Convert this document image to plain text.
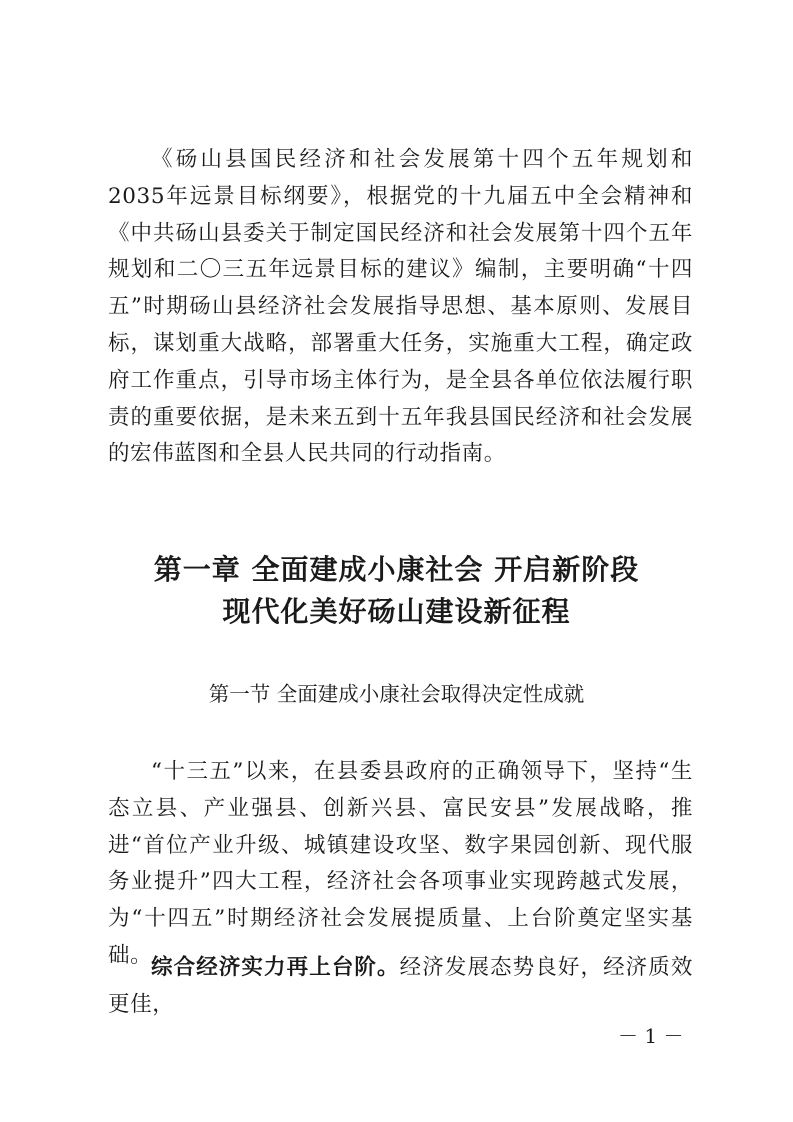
《砀山县国民经济和社会发展第十四个五年规划和2035年远景目标纲要》，根据党的十九届五中全会精神和《中共砀山县委关于制定国民经济和社会发展第十四个五年规划和二〇三五年远景目标的建议》编制，主要明确“十四五”时期砀山县经济社会发展指导思想、基本原则、发展目标，谋划重大战略，部署重大任务，实施重大工程，确定政府工作重点，引导市场主体行为，是全县各单位依法履行职责的重要依据，是未来五到十五年我县国民经济和社会发展的宏伟蓝图和全县人民共同的行动指南。

第一章 全面建成小康社会 开启新阶段
现代化美好砀山建设新征程
第一节 全面建成小康社会取得决定性成就

“十三五”以来，在县委县政府的正确领导下，坚持“生态立县、产业强县、创新兴县、富民安县”发展战略，推进“首位产业升级、城镇建设攻坚、数字果园创新、现代服务业提升”四大工程，经济社会各项事业实现跨越式发展，为“十四五”时期经济社会发展提质量、上台阶奠定坚实基础。

综合经济实力再上台阶。经济发展态势良好，经济质效更佳，

－ 1 －
